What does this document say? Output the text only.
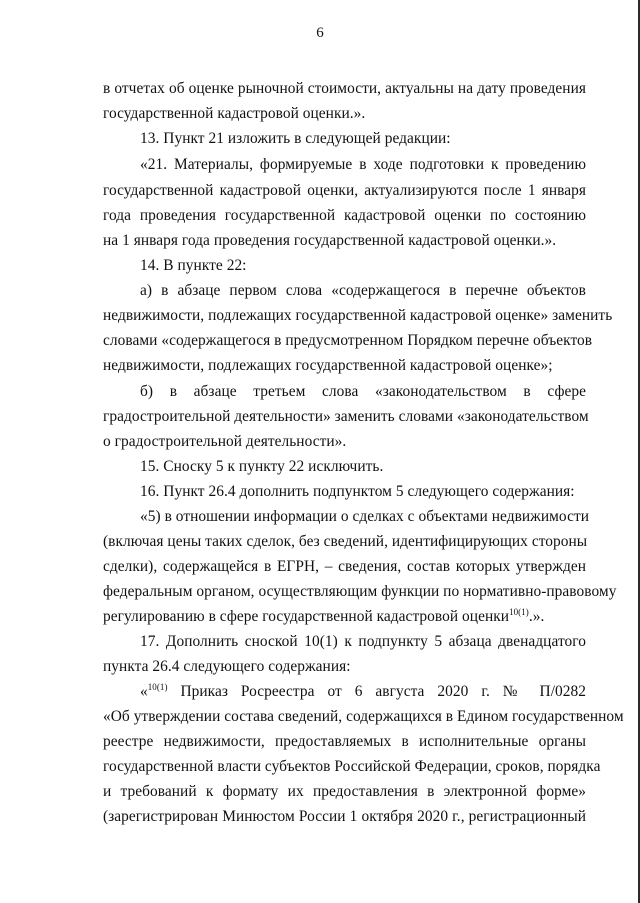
6
в отчетах об оценке рыночной стоимости, актуальны на дату проведения
государственной кадастровой оценки.».
13. Пункт 21 изложить в следующей редакции:
«21. Материалы, формируемые в ходе подготовки к проведению
государственной кадастровой оценки, актуализируются после 1 января
года проведения государственной кадастровой оценки по состоянию
на 1 января года проведения государственной кадастровой оценки.».
14. В пункте 22:
а) в абзаце первом слова «содержащегося в перечне объектов
недвижимости, подлежащих государственной кадастровой оценке» заменить
словами «содержащегося в предусмотренном Порядком перечне объектов
недвижимости, подлежащих государственной кадастровой оценке»;
б) в абзаце третьем слова «законодательством в сфере
градостроительной деятельности» заменить словами «законодательством
о градостроительной деятельности».
15. Сноску 5 к пункту 22 исключить.
16. Пункт 26.4 дополнить подпунктом 5 следующего содержания:
«5) в отношении информации о сделках с объектами недвижимости
(включая цены таких сделок, без сведений, идентифицирующих стороны
сделки), содержащейся в ЕГРН, – сведения, состав которых утвержден
федеральным органом, осуществляющим функции по нормативно-правовому
регулированию в сфере государственной кадастровой оценки$^{10(1)}$.».
17. Дополнить сноской 10(1) к подпункту 5 абзаца двенадцатого
пункта 26.4 следующего содержания:
«$^{10(1)}$ Приказ Росреестра от 6 августа 2020 г. № П/0282
«Об утверждении состава сведений, содержащихся в Едином государственном
реестре недвижимости, предоставляемых в исполнительные органы
государственной власти субъектов Российской Федерации, сроков, порядка
и требований к формату их предоставления в электронной форме»
(зарегистрирован Минюстом России 1 октября 2020 г., регистрационный
